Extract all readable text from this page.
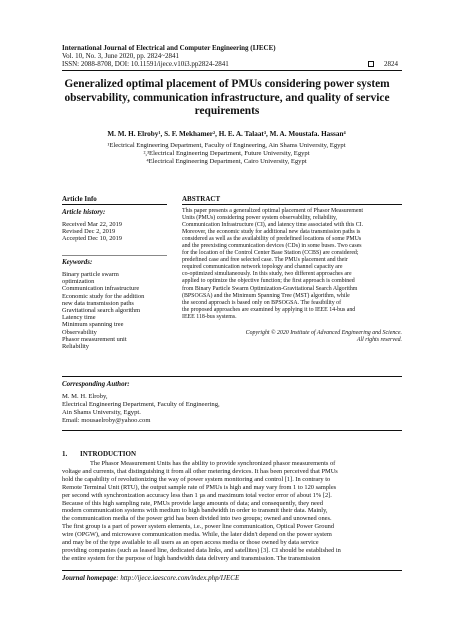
International Journal of Electrical and Computer Engineering (IJECE)
Vol. 10, No. 3, June 2020, pp. 2824~2841
ISSN: 2088-8708, DOI: 10.11591/ijece.v10i3.pp2824-2841	2824
Generalized optimal placement of PMUs considering power system observability, communication infrastructure, and quality of service requirements
M. M. H. Elroby¹, S. F. Mekhamer², H. E. A. Talaat³, M. A. Moustafa. Hassan⁴
¹Electrical Engineering Department, Faculty of Engineering, Ain Shams University, Egypt
²,³Electrical Engineering Department, Future University, Egypt
⁴Electrical Engineering Department, Cairo University, Egypt
Article Info
Article history:
Received Mar 22, 2019
Revised Dec 2, 2019
Accepted Dec 10, 2019
Keywords:
Binary particle swarm
optimization
Communication infrastructure
Economic study for the addition
new data transmission paths
Gravitational search algorithm
Latency time
Minimum spanning tree
Observability
Phasor measurement unit
Reliability
ABSTRACT
This paper presents a generalized optimal placement of Phasor Measurement
Units (PMUs) considering power system observability, reliability,
Communication Infrastructure (CI), and latency time associated with this CI.
Moreover, the economic study for additional new data transmission paths is
considered as well as the availability of predefined locations of some PMUs
and the preexisting communication devices (CDs) in some buses. Two cases
for the location of the Control Center Base Station (CCBS) are considered;
predefined case and free selected case. The PMUs placement and their
required communication network topology and channel capacity are
co-optimized simultaneously. In this study, two different approaches are
applied to optimize the objective function; the first approach is combined
from Binary Particle Swarm Optimization-Gravitational Search Algorithm
(BPSOGSA) and the Minimum Spanning Tree (MST) algorithm, while
the second approach is based only on BPSOGSA. The feasibility of
the proposed approaches are examined by applying it to IEEE 14-bus and
IEEE 118-bus systems.
Copyright © 2020 Institute of Advanced Engineering and Science.
All rights reserved.
Corresponding Author:
M. M. H. Elroby,
Electrical Engineering Department, Faculty of Engineering,
Ain Shams University, Egypt.
Email: mousaelroby@yahoo.com
1. INTRODUCTION
The Phasor Measurement Units has the ability to provide synchronized phasor measurements of
voltage and currents, that distinguishing it from all other metering devices. It has been perceived that PMUs
hold the capability of revolutionizing the way of power system monitoring and control [1]. In contrary to
Remote Terminal Unit (RTU), the output sample rate of PMUs is high and may vary from 1 to 120 samples
per second with synchronization accuracy less than 1 µs and maximum total vector error of about 1% [2].
Because of this high sampling rate, PMUs provide large amounts of data; and consequently, they need
modern communication systems with medium to high bandwidth in order to transmit their data. Mainly,
the communication media of the power grid has been divided into two groups; owned and unowned ones.
The first group is a part of power system elements, i.e., power line communication, Optical Power Ground
wire (OPGW), and microwave communication media. While, the later didn't depend on the power system
and may be of the type available to all users as an open access media or those owned by data service
providing companies (such as leased line, dedicated data links, and satellites) [3]. CI should be established in
the entire system for the purpose of high bandwidth data delivery and transmission. The transmission
Journal homepage: http://ijece.iaescore.com/index.php/IJECE
